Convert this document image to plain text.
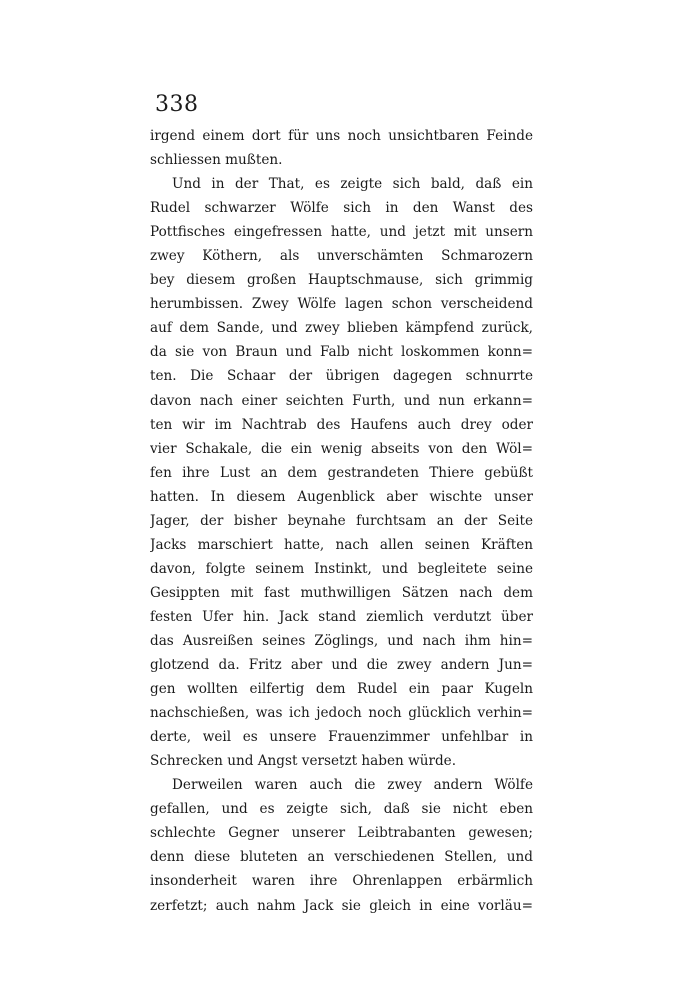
338
irgend einem dort für uns noch unsichtbaren Feinde
schliessen mußten.
Und in der That, es zeigte sich bald, daß ein
Rudel schwarzer Wölfe sich in den Wanst des
Pottfisches eingefressen hatte, und jetzt mit unsern
zwey Köthern, als unverschämten Schmarozern
bey diesem großen Hauptschmause, sich grimmig
herumbissen. Zwey Wölfe lagen schon verscheidend
auf dem Sande, und zwey blieben kämpfend zurück,
da sie von Braun und Falb nicht loskommen konn=
ten. Die Schaar der übrigen dagegen schnurrte
davon nach einer seichten Furth, und nun erkann=
ten wir im Nachtrab des Haufens auch drey oder
vier Schakale, die ein wenig abseits von den Wöl=
fen ihre Lust an dem gestrandeten Thiere gebüßt
hatten. In diesem Augenblick aber wischte unser
Jager, der bisher beynahe furchtsam an der Seite
Jacks marschiert hatte, nach allen seinen Kräften
davon, folgte seinem Instinkt, und begleitete seine
Gesippten mit fast muthwilligen Sätzen nach dem
festen Ufer hin. Jack stand ziemlich verdutzt über
das Ausreißen seines Zöglings, und nach ihm hin=
glotzend da. Fritz aber und die zwey andern Jun=
gen wollten eilfertig dem Rudel ein paar Kugeln
nachschießen, was ich jedoch noch glücklich verhin=
derte, weil es unsere Frauenzimmer unfehlbar in
Schrecken und Angst versetzt haben würde.
Derweilen waren auch die zwey andern Wölfe
gefallen, und es zeigte sich, daß sie nicht eben
schlechte Gegner unserer Leibtrabanten gewesen;
denn diese bluteten an verschiedenen Stellen, und
insonderheit waren ihre Ohrenlappen erbärmlich
zerfetzt; auch nahm Jack sie gleich in eine vorläu=
